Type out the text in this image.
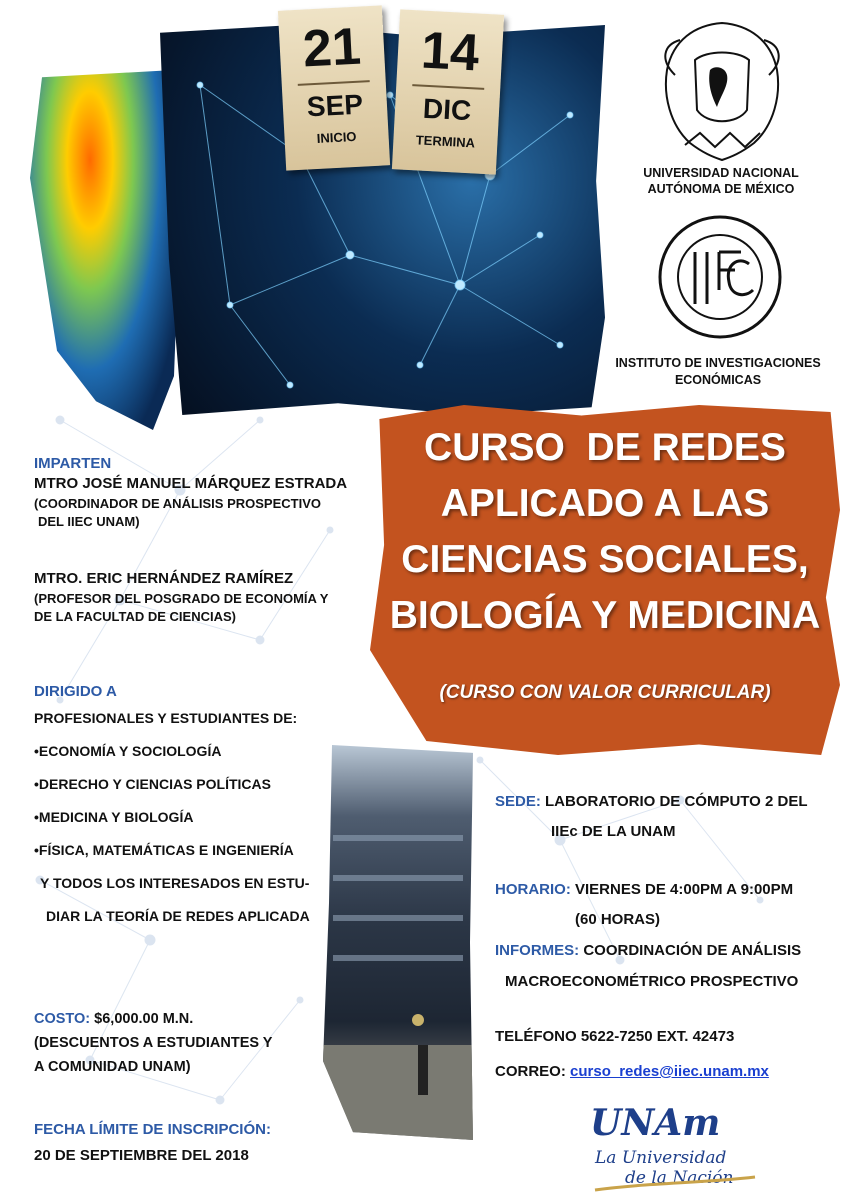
21
SEP
INICIO
14
DIC
TERMINA
UNIVERSIDAD NACIONAL
AUTÓNOMA DE MÉXICO
INSTITUTO DE INVESTIGACIONES
ECONÓMICAS
CURSO  DE REDES
APLICADO A LAS
CIENCIAS SOCIALES,
BIOLOGÍA Y MEDICINA
(CURSO CON VALOR CURRICULAR)
IMPARTEN
MTRO JOSÉ MANUEL MÁRQUEZ ESTRADA
(COORDINADOR DE ANÁLISIS PROSPECTIVO
DEL IIEC UNAM)
MTRO. ERIC HERNÁNDEZ RAMÍREZ
(PROFESOR DEL POSGRADO DE ECONOMÍA Y
DE LA FACULTAD DE CIENCIAS)
DIRIGIDO A
PROFESIONALES Y ESTUDIANTES DE:
• ECONOMÍA Y SOCIOLOGÍA
• DERECHO Y CIENCIAS POLÍTICAS
• MEDICINA Y BIOLOGÍA
• FÍSICA, MATEMÁTICAS E INGENIERÍA
Y TODOS LOS INTERESADOS EN ESTU-
DIAR LA TEORÍA DE REDES APLICADA
COSTO: $6,000.00 M.N.
(DESCUENTOS A ESTUDIANTES Y
A COMUNIDAD UNAM)
FECHA LÍMITE DE INSCRIPCIÓN:
20 DE SEPTIEMBRE DEL 2018
SEDE: LABORATORIO DE CÓMPUTO 2 DEL
IIEc DE LA UNAM
HORARIO: VIERNES DE 4:00PM A 9:00PM
(60 HORAS)
INFORMES: COORDINACIÓN DE ANÁLISIS
MACROECONOMÉTRICO PROSPECTIVO
TELÉFONO 5622-7250 EXT. 42473
CORREO: curso_redes@iiec.unam.mx
UNAm
La Universidad
de la Nación
